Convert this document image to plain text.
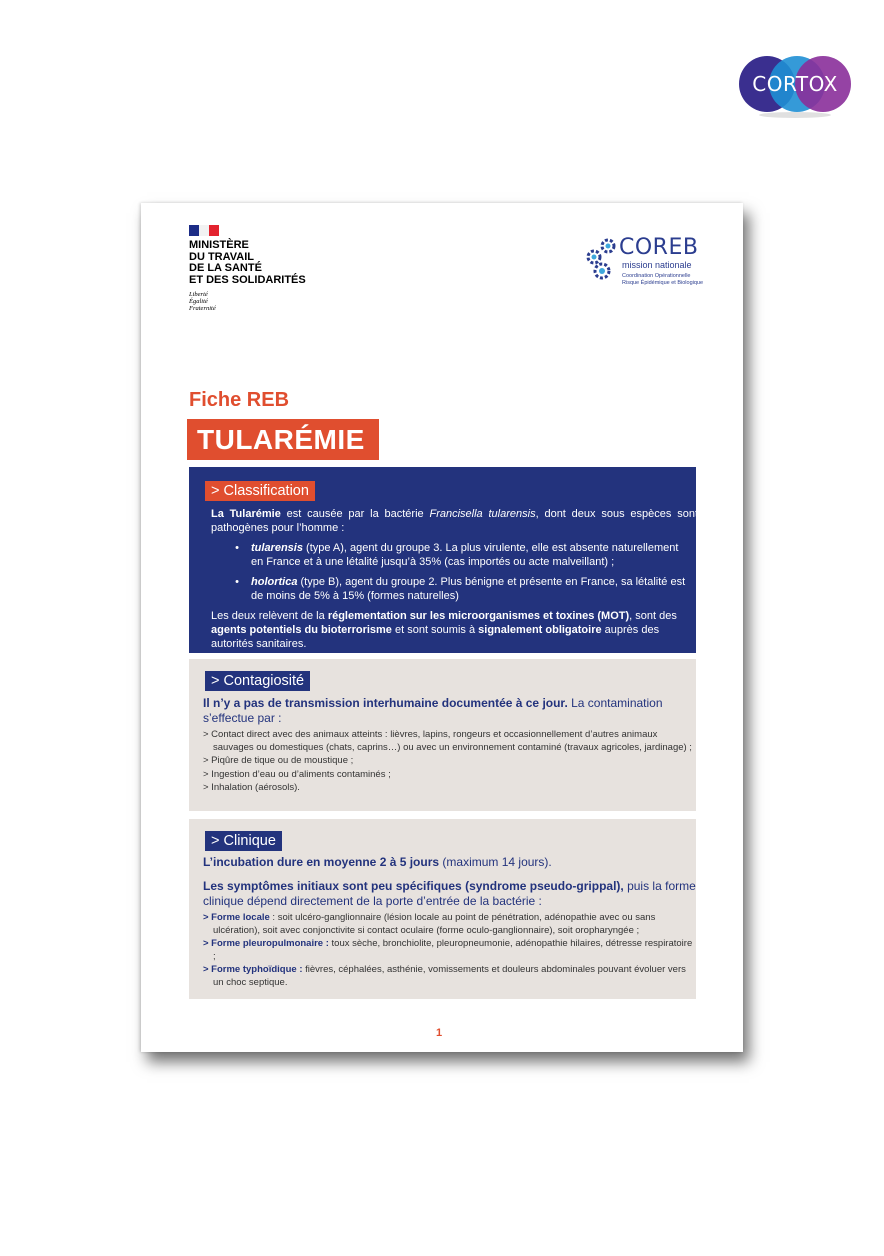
CORTOX
MINISTÈRE
DU TRAVAIL
DE LA SANTÉ
ET DES SOLIDARITÉS
Liberté
Égalité
Fraternité
COREB
mission nationale
Coordination Opérationnelle
Risque Épidémique et Biologique
Fiche REB
TULARÉMIE
> Classification

La Tularémie est causée par la bactérie Francisella tularensis, dont deux sous espèces sont pathogènes pour l’homme :

•	tularensis (type A), agent du groupe 3. La plus virulente, elle est absente naturellement en France et à une létalité jusqu’à 35% (cas importés ou acte malveillant) ;
•	holortica (type B), agent du groupe 2. Plus bénigne et présente en France, sa létalité est de moins de 5% à 15% (formes naturelles)

Les deux relèvent de la réglementation sur les microorganismes et toxines (MOT), sont des agents potentiels du bioterrorisme et sont soumis à signalement obligatoire auprès des autorités sanitaires.

> Contagiosité

Il n’y a pas de transmission interhumaine documentée à ce jour. La contamination s’effectue par :

> Contact direct avec des animaux atteints : lièvres, lapins, rongeurs et occasionnellement d’autres animaux sauvages ou domestiques (chats, caprins…) ou avec un environnement contaminé (travaux agricoles, jardinage) ;
> Piqûre de tique ou de moustique ;
> Ingestion d’eau ou d’aliments contaminés ;
> Inhalation (aérosols).
> Clinique

L’incubation dure en moyenne 2 à 5 jours (maximum 14 jours).

Les symptômes initiaux sont peu spécifiques (syndrome pseudo-grippal), puis la forme clinique dépend directement de la porte d’entrée de la bactérie :

> Forme locale : soit ulcéro-ganglionnaire (lésion locale au point de pénétration, adénopathie avec ou sans ulcération), soit avec conjonctivite si contact oculaire (forme oculo-ganglionnaire), soit oropharyngée ;
> Forme pleuropulmonaire : toux sèche, bronchiolite, pleuropneumonie, adénopathie hilaires, détresse respiratoire ;
> Forme typhoïdique : fièvres, céphalées, asthénie, vomissements et douleurs abdominales pouvant évoluer vers un choc septique.
1
